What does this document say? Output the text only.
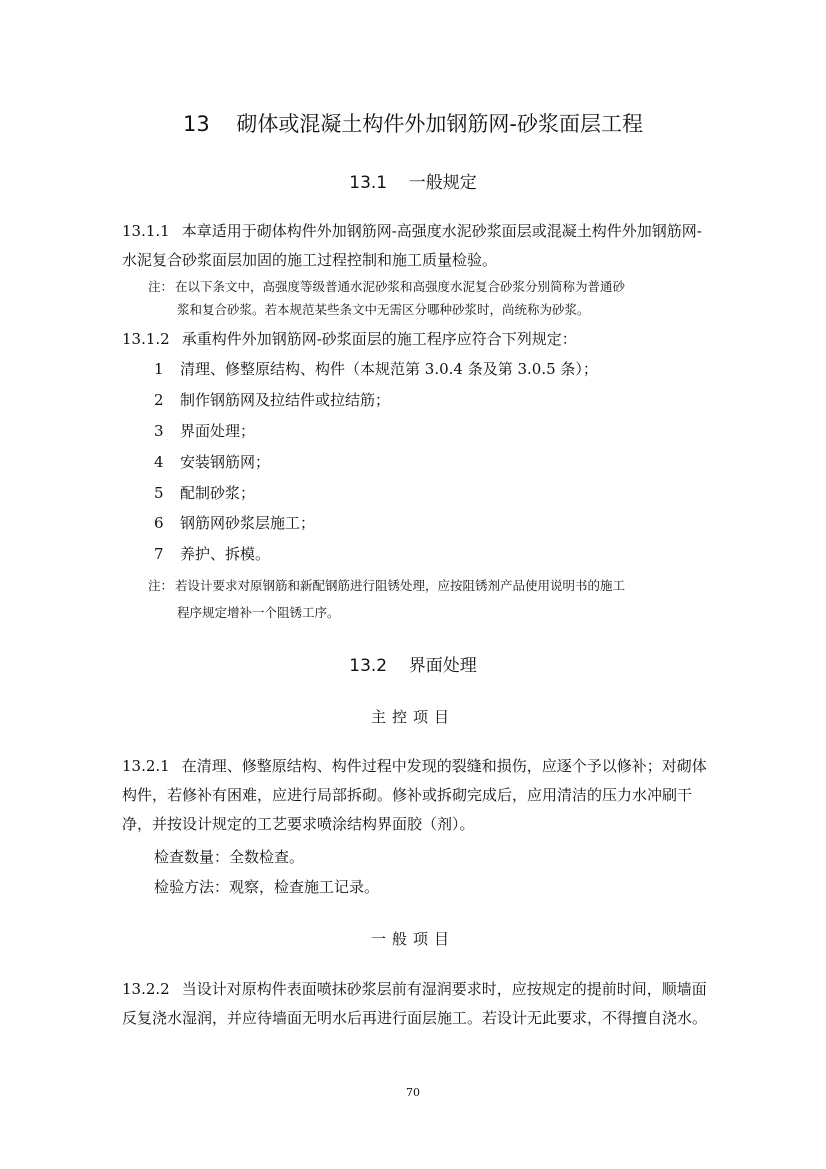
13 砌体或混凝土构件外加钢筋网-砂浆面层工程
13.1 一般规定
13.1.1 本章适用于砌体构件外加钢筋网-高强度水泥砂浆面层或混凝土构件外加钢筋网-水泥复合砂浆面层加固的施工过程控制和施工质量检验。
注： 在以下条文中，高强度等级普通水泥砂浆和高强度水泥复合砂浆分别简称为普通砂
浆和复合砂浆。若本规范某些条文中无需区分哪种砂浆时，尚统称为砂浆。
13.1.2 承重构件外加钢筋网-砂浆面层的施工程序应符合下列规定：
1 清理、修整原结构、构件（本规范第 3.0.4 条及第 3.0.5 条）；
2 制作钢筋网及拉结件或拉结筋；
3 界面处理；
4 安装钢筋网；
5 配制砂浆；
6 钢筋网砂浆层施工；
7 养护、拆模。
注： 若设计要求对原钢筋和新配钢筋进行阻锈处理，应按阻锈剂产品使用说明书的施工
程序规定增补一个阻锈工序。
13.2 界面处理
主控项目
13.2.1 在清理、修整原结构、构件过程中发现的裂缝和损伤，应逐个予以修补；对砌体构件，若修补有困难，应进行局部拆砌。修补或拆砌完成后，应用清洁的压力水冲刷干净，并按设计规定的工艺要求喷涂结构界面胶（剂）。
检查数量：全数检查。
检验方法：观察，检查施工记录。
一般项目
13.2.2 当设计对原构件表面喷抹砂浆层前有湿润要求时，应按规定的提前时间，顺墙面反复浇水湿润，并应待墙面无明水后再进行面层施工。若设计无此要求，不得擅自浇水。
70
